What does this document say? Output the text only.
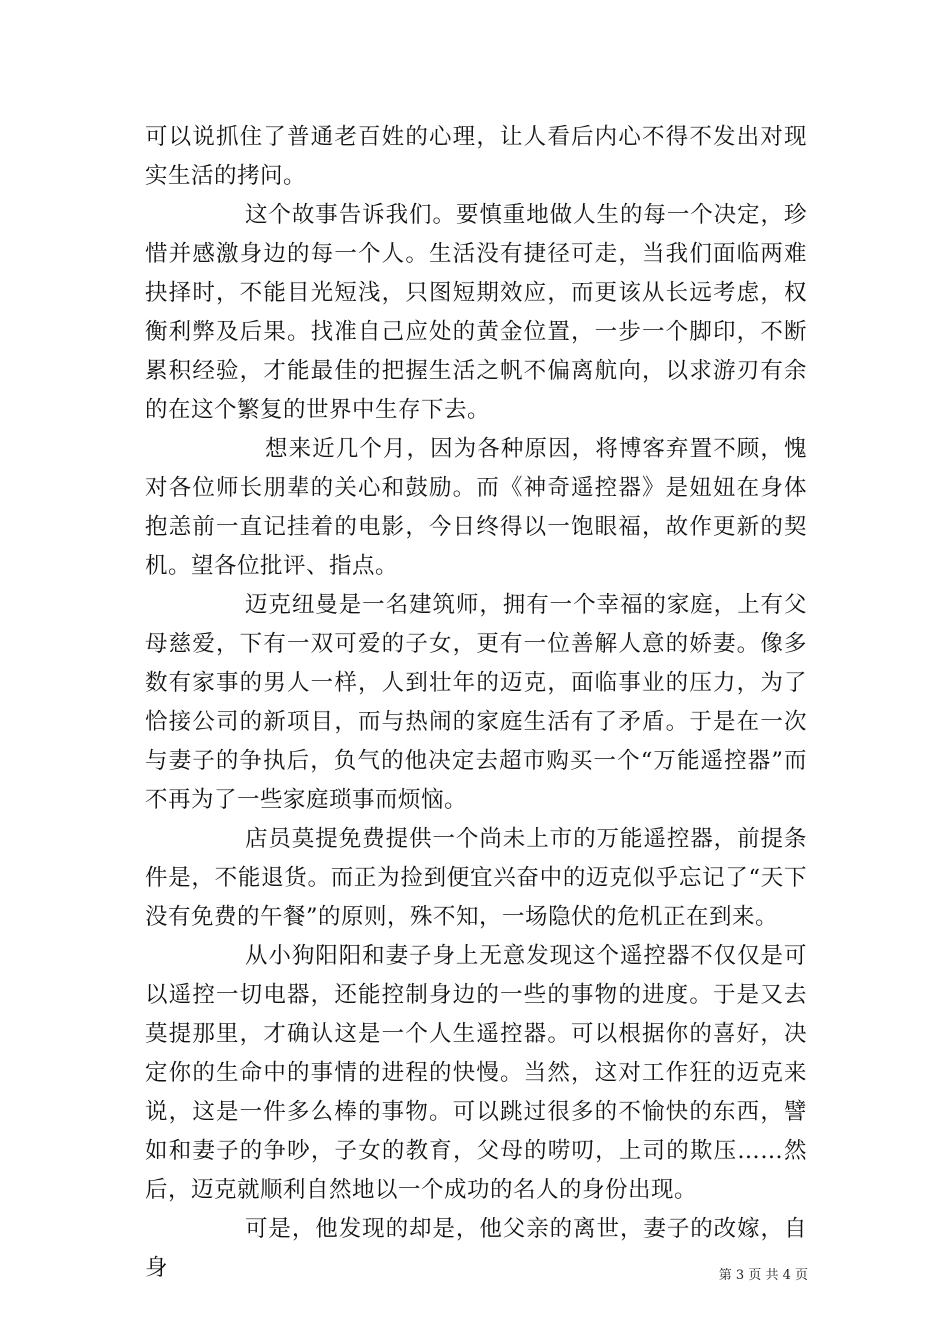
可以说抓住了普通老百姓的心理，让人看后内心不得不发出对现实生活的拷问。

这个故事告诉我们。要慎重地做人生的每一个决定，珍惜并感激身边的每一个人。生活没有捷径可走，当我们面临两难抉择时，不能目光短浅，只图短期效应，而更该从长远考虑，权衡利弊及后果。找准自己应处的黄金位置，一步一个脚印，不断累积经验，才能最佳的把握生活之帆不偏离航向，以求游刃有余的在这个繁复的世界中生存下去。

想来近几个月，因为各种原因，将博客弃置不顾，愧对各位师长朋辈的关心和鼓励。而《神奇遥控器》是妞妞在身体抱恙前一直记挂着的电影，今日终得以一饱眼福，故作更新的契机。望各位批评、指点。

迈克纽曼是一名建筑师，拥有一个幸福的家庭，上有父母慈爱，下有一双可爱的子女，更有一位善解人意的娇妻。像多数有家事的男人一样，人到壮年的迈克，面临事业的压力，为了恰接公司的新项目，而与热闹的家庭生活有了矛盾。于是在一次与妻子的争执后，负气的他决定去超市购买一个“万能遥控器”而不再为了一些家庭琐事而烦恼。

店员莫提免费提供一个尚未上市的万能遥控器，前提条件是，不能退货。而正为捡到便宜兴奋中的迈克似乎忘记了“天下没有免费的午餐”的原则，殊不知，一场隐伏的危机正在到来。

从小狗阳阳和妻子身上无意发现这个遥控器不仅仅是可以遥控一切电器，还能控制身边的一些的事物的进度。于是又去莫提那里，才确认这是一个人生遥控器。可以根据你的喜好，决定你的生命中的事情的进程的快慢。当然，这对工作狂的迈克来说，这是一件多么棒的事物。可以跳过很多的不愉快的东西，譬如和妻子的争吵，子女的教育，父母的唠叨，上司的欺压……然后，迈克就顺利自然地以一个成功的名人的身份出现。

可是，他发现的却是，他父亲的离世，妻子的改嫁，自身	第 3 页 共 4 页
